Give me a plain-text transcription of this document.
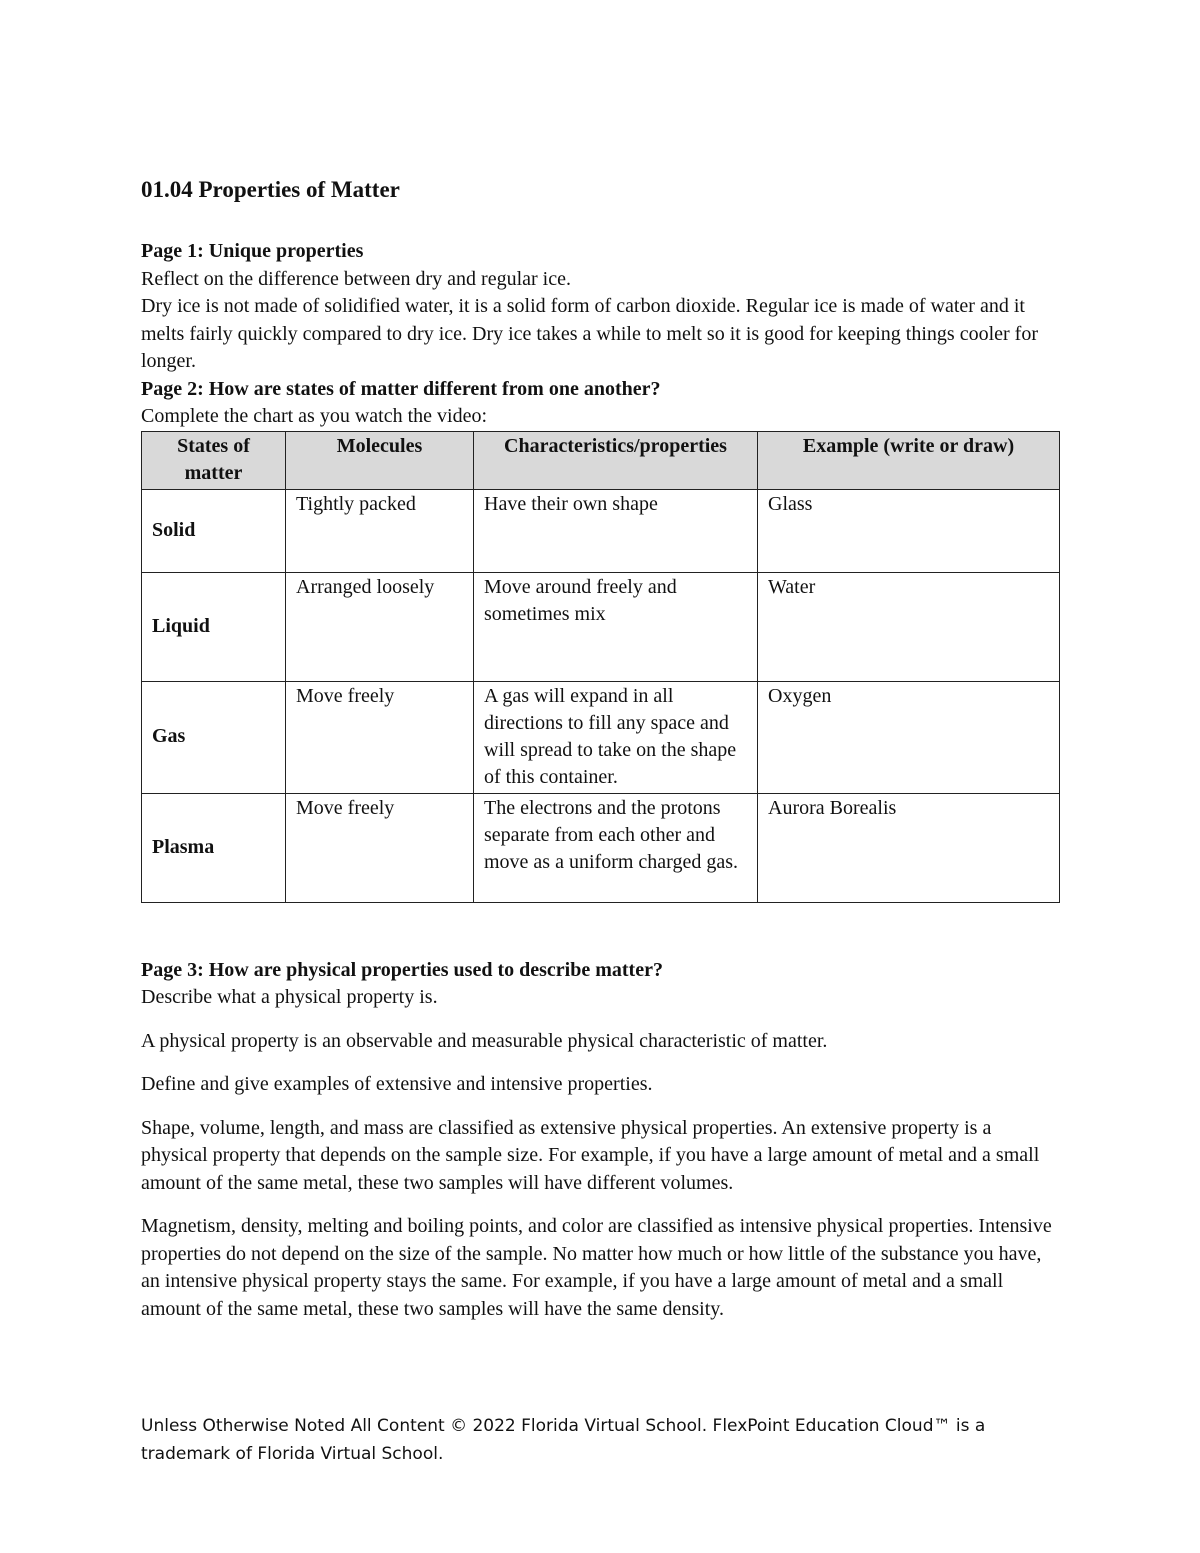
01.04 Properties of Matter
Page 1: Unique properties
Reflect on the difference between dry and regular ice.
Dry ice is not made of solidified water, it is a solid form of carbon dioxide. Regular ice is made of water and it melts fairly quickly compared to dry ice. Dry ice takes a while to melt so it is good for keeping things cooler for longer.
Page 2: How are states of matter different from one another?
Complete the chart as you watch the video:
States of matter	Molecules	Characteristics/properties	Example (write or draw)
Solid	Tightly packed	Have their own shape	Glass
Liquid	Arranged loosely	Move around freely and sometimes mix	Water
Gas	Move freely	A gas will expand in all directions to fill any space and will spread to take on the shape of this container.	Oxygen
Plasma	Move freely	The electrons and the protons separate from each other and move as a uniform charged gas.	Aurora Borealis
Page 3: How are physical properties used to describe matter?
Describe what a physical property is.
A physical property is an observable and measurable physical characteristic of matter.
Define and give examples of extensive and intensive properties.
Shape, volume, length, and mass are classified as extensive physical properties. An extensive property is a physical property that depends on the sample size. For example, if you have a large amount of metal and a small amount of the same metal, these two samples will have different volumes.
Magnetism, density, melting and boiling points, and color are classified as intensive physical properties. Intensive properties do not depend on the size of the sample. No matter how much or how little of the substance you have, an intensive physical property stays the same. For example, if you have a large amount of metal and a small amount of the same metal, these two samples will have the same density.
Unless Otherwise Noted All Content © 2022 Florida Virtual School. FlexPoint Education Cloud™ is a trademark of Florida Virtual School.
